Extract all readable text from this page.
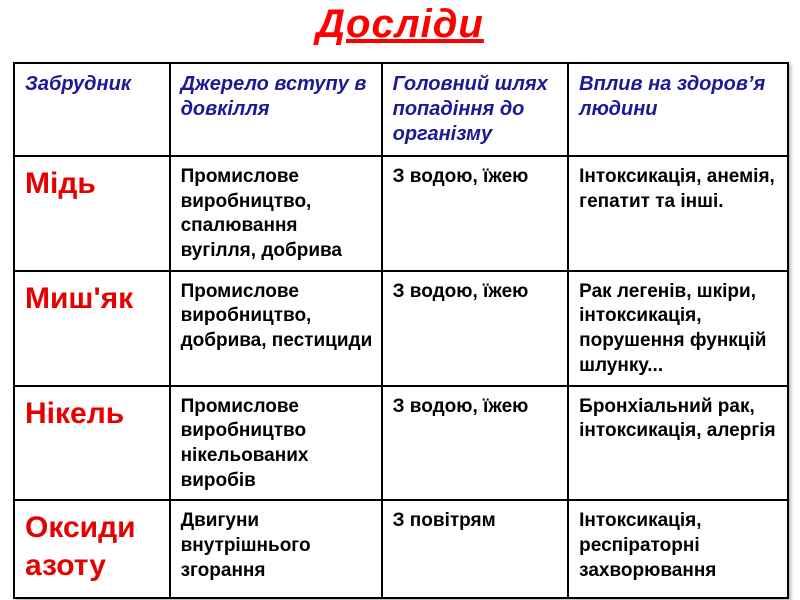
Досліди
Забрудник	Джерело вступу в довкілля	Головний шлях попадіння до організму	Вплив на здоров’я людини
Мідь	Промислове виробництво, спалювання вугілля, добрива	З водою, їжею	Інтоксикація, анемія, гепатит та інші.
Миш'як	Промислове виробництво, добрива, пестициди	З водою, їжею	Рак легенів, шкіри, інтоксикація, порушення функцій шлунку...
Нікель	Промислове виробництво нікельованих виробів	З водою, їжею	Бронхіальний рак, інтоксикація, алергія
Оксиди азоту	Двигуни внутрішнього згорання	З повітрям	Інтоксикація, респіраторні захворювання
